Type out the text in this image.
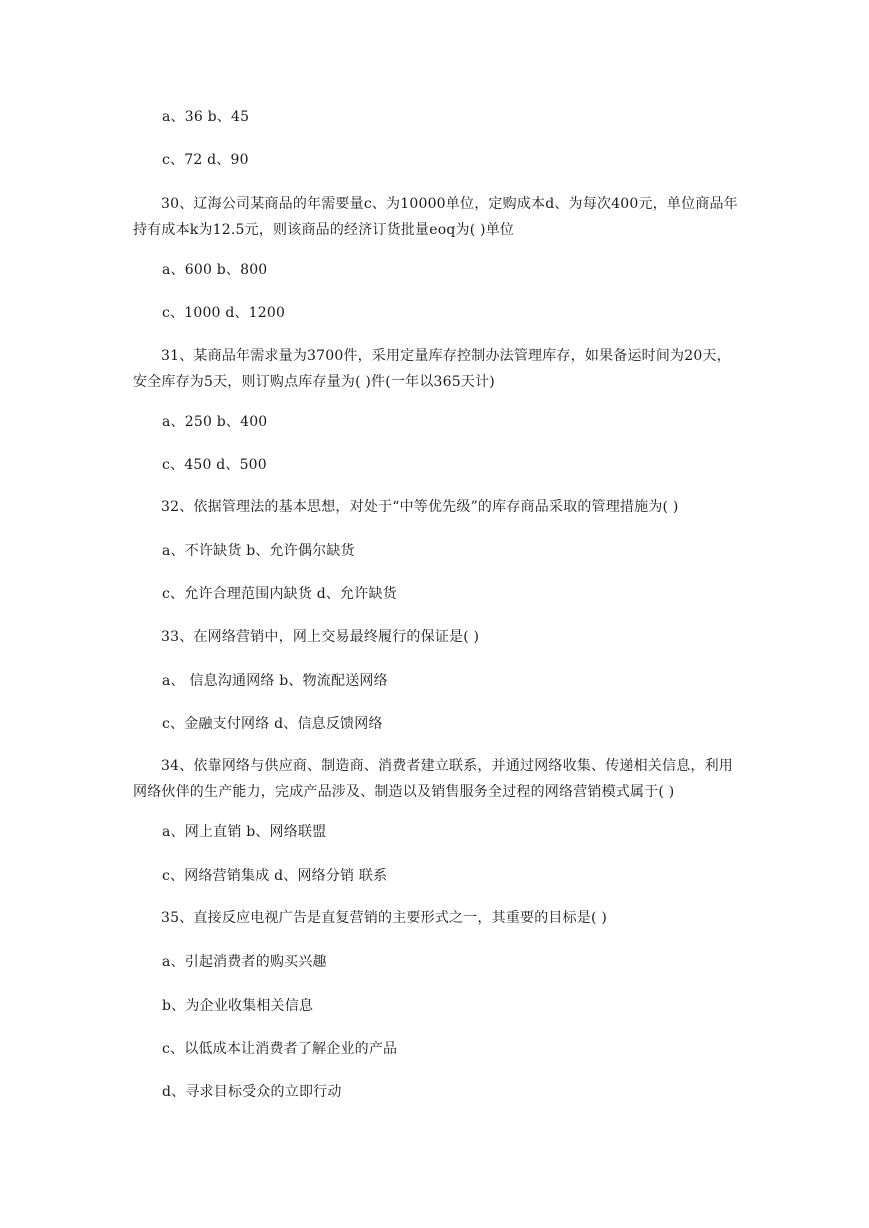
a、36 b、45
c、72 d、90
30、辽海公司某商品的年需要量c、为10000单位，定购成本d、为每次400元，单位商品年持有成本k为12.5元，则该商品的经济订货批量eoq为( )单位
a、600 b、800
c、1000 d、1200
31、某商品年需求量为3700件，采用定量库存控制办法管理库存，如果备运时间为20天，安全库存为5天，则订购点库存量为( )件(一年以365天计)
a、250 b、400
c、450 d、500
32、依据管理法的基本思想，对处于“中等优先级”的库存商品采取的管理措施为( )
a、不许缺货 b、允许偶尔缺货
c、允许合理范围内缺货 d、允许缺货
33、在网络营销中，网上交易最终履行的保证是( )
a、 信息沟通网络 b、物流配送网络
c、金融支付网络 d、信息反馈网络
34、依靠网络与供应商、制造商、消费者建立联系，并通过网络收集、传递相关信息，利用网络伙伴的生产能力，完成产品涉及、制造以及销售服务全过程的网络营销模式属于( )
a、网上直销 b、网络联盟
c、网络营销集成 d、网络分销 联系
35、直接反应电视广告是直复营销的主要形式之一，其重要的目标是( )
a、引起消费者的购买兴趣
b、为企业收集相关信息
c、以低成本让消费者了解企业的产品
d、寻求目标受众的立即行动
